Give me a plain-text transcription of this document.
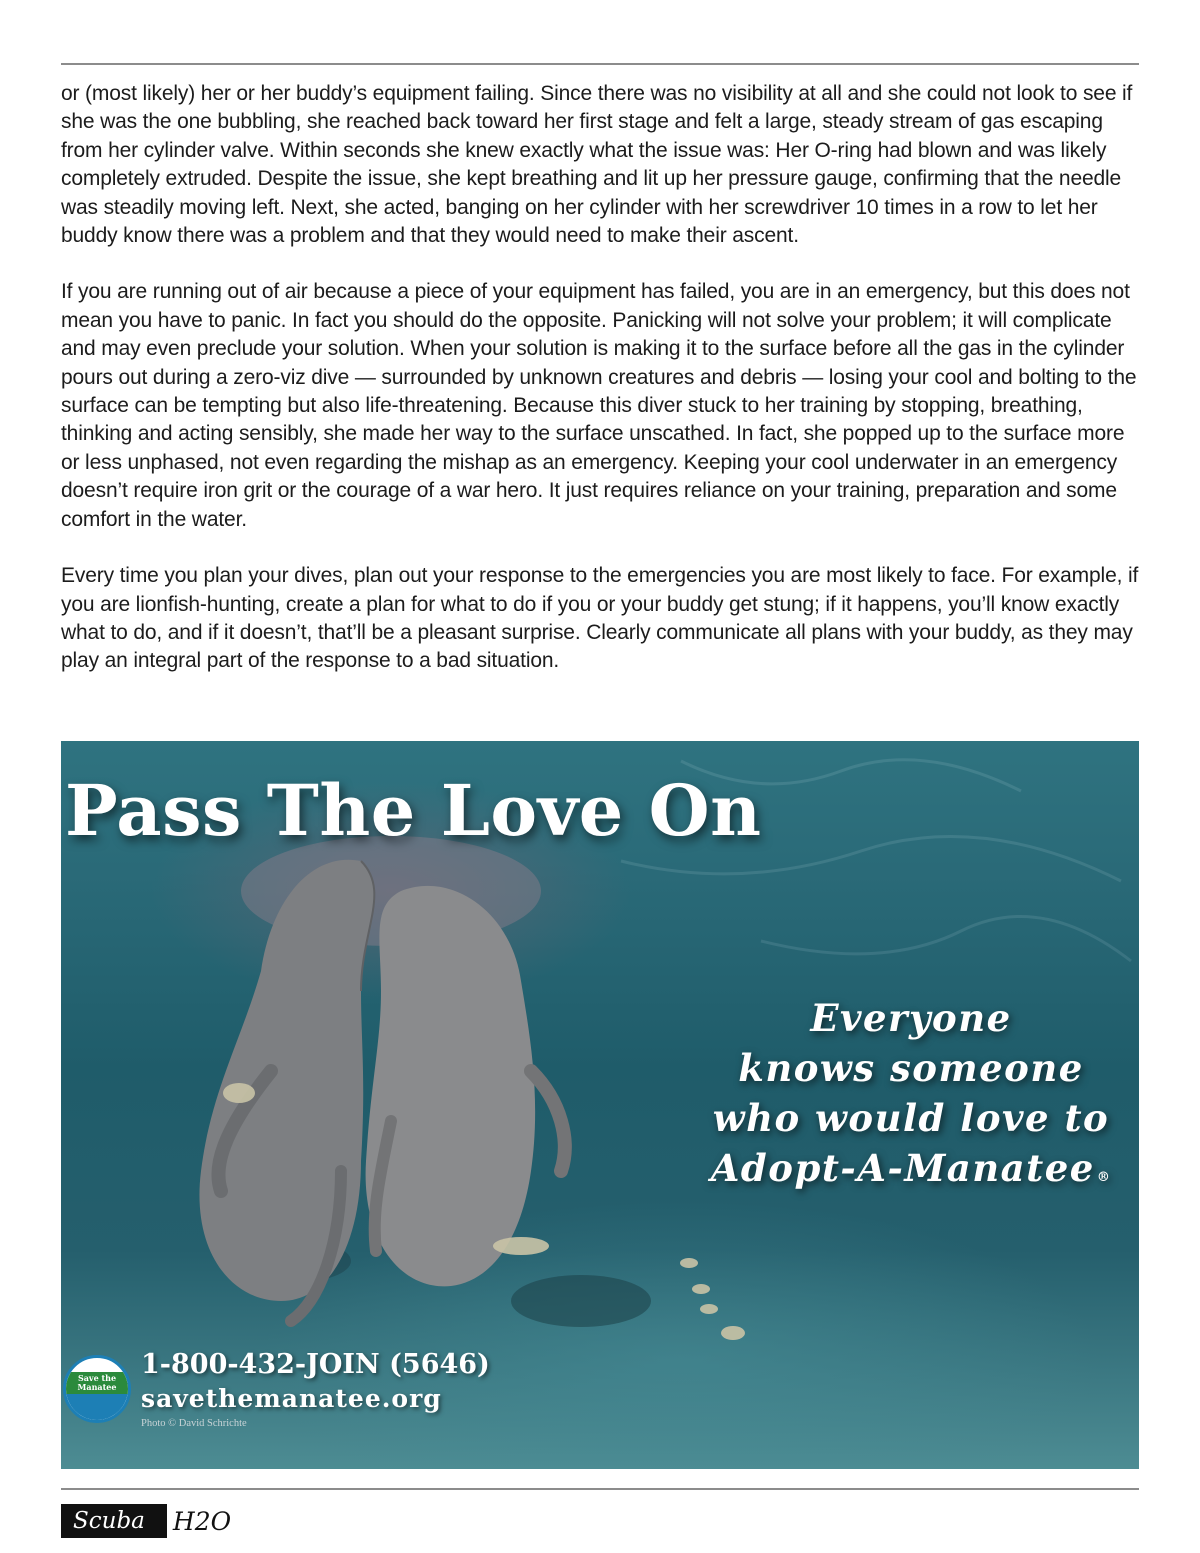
or (most likely) her or her buddy’s equipment failing. Since there was no visibility at all and she could not look to see if she was the one bubbling, she reached back toward her first stage and felt a large, steady stream of gas escaping from her cylinder valve. Within seconds she knew exactly what the issue was: Her O-ring had blown and was likely completely extruded. Despite the issue, she kept breathing and lit up her pressure gauge, confirming that the needle was steadily moving left. Next, she acted, banging on her cylinder with her screwdriver 10 times in a row to let her buddy know there was a problem and that they would need to make their ascent.

If you are running out of air because a piece of your equipment has failed, you are in an emergency, but this does not mean you have to panic. In fact you should do the opposite. Panicking will not solve your problem; it will complicate and may even preclude your solution. When your solution is making it to the surface before all the gas in the cylinder pours out during a zero-viz dive — surrounded by unknown creatures and debris — losing your cool and bolting to the surface can be tempting but also life-threatening. Because this diver stuck to her training by stopping, breathing, thinking and acting sensibly, she made her way to the surface unscathed. In fact, she popped up to the surface more or less unphased, not even regarding the mishap as an emergency. Keeping your cool underwater in an emergency doesn’t require iron grit or the courage of a war hero. It just requires reliance on your training, preparation and some comfort in the water.

Every time you plan your dives, plan out your response to the emergencies you are most likely to face. For example, if you are lionfish-hunting, create a plan for what to do if you or your buddy get stung; if it happens, you’ll know exactly what to do, and if it doesn’t, that’ll be a pleasant surprise. Clearly communicate all plans with your buddy, as they may play an integral part of the response to a bad situation.

Pass The Love On
Everyone
knows someone
who would love to
Adopt-A-Manatee ®
Save the Manatee
1-800-432-JOIN (5646)
savethemanatee.org
Photo © David Schrichte
Scuba	H2O
